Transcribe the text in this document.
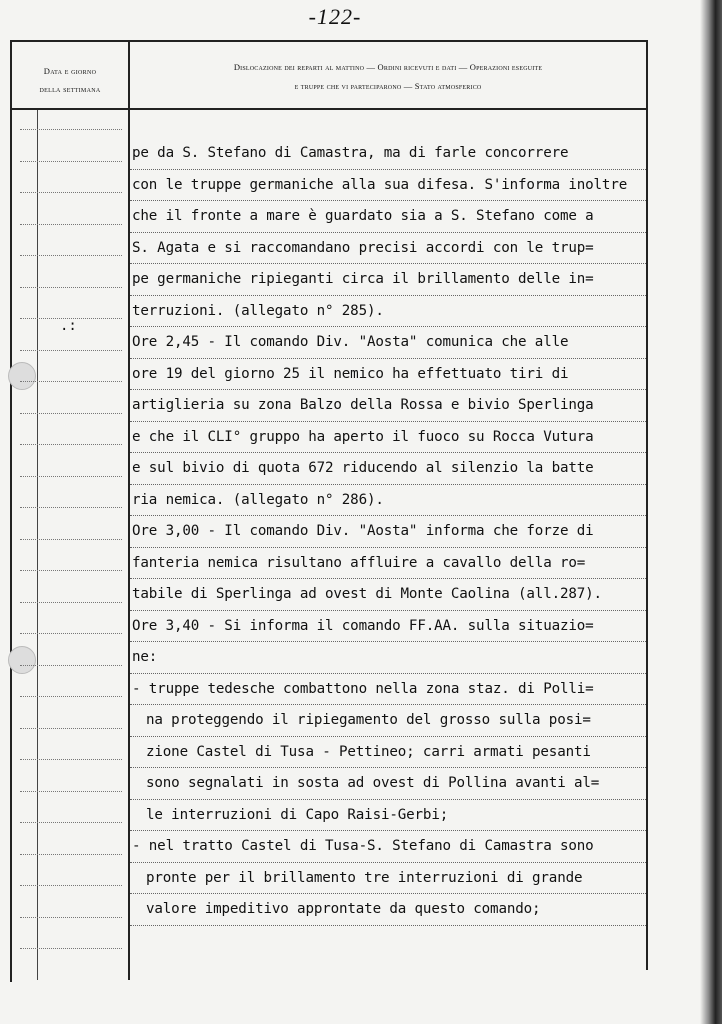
-122-
Data e giorno
della settimana
Dislocazione dei reparti al mattino — Ordini ricevuti e dati — Operazioni eseguite
e truppe che vi parteciparono — Stato atmosferico
.:
pe da S. Stefano di Camastra, ma di farle concorrere
con le truppe germaniche alla sua difesa. S'informa inoltre
che il fronte a mare è guardato sia a S. Stefano come a
S. Agata e si raccomandano precisi accordi con le trup=
pe germaniche ripieganti circa il brillamento delle in=
terruzioni. (allegato n° 285).
Ore 2,45 - Il comando Div. "Aosta" comunica che alle
ore 19 del giorno 25 il nemico ha effettuato tiri di
artiglieria su zona Balzo della Rossa e bivio Sperlinga
e che il CLI° gruppo ha aperto il fuoco su Rocca Vutura
e sul bivio di quota 672 riducendo al silenzio la batte
ria nemica. (allegato n° 286).
Ore 3,00 - Il comando Div. "Aosta" informa che forze di
fanteria nemica risultano affluire a cavallo della ro=
tabile di Sperlinga ad ovest di Monte Caolina (all.287).
Ore 3,40 - Si informa il comando FF.AA. sulla situazio=
ne:
- truppe tedesche combattono nella zona staz. di Polli=
na proteggendo il ripiegamento del grosso sulla posi=
zione Castel di Tusa - Pettineo; carri armati pesanti
sono segnalati in sosta ad ovest di Pollina avanti al=
le interruzioni di Capo Raisi-Gerbi;
- nel tratto Castel di Tusa-S. Stefano di Camastra sono
pronte per il brillamento tre interruzioni di grande
valore impeditivo approntate da questo comando;
